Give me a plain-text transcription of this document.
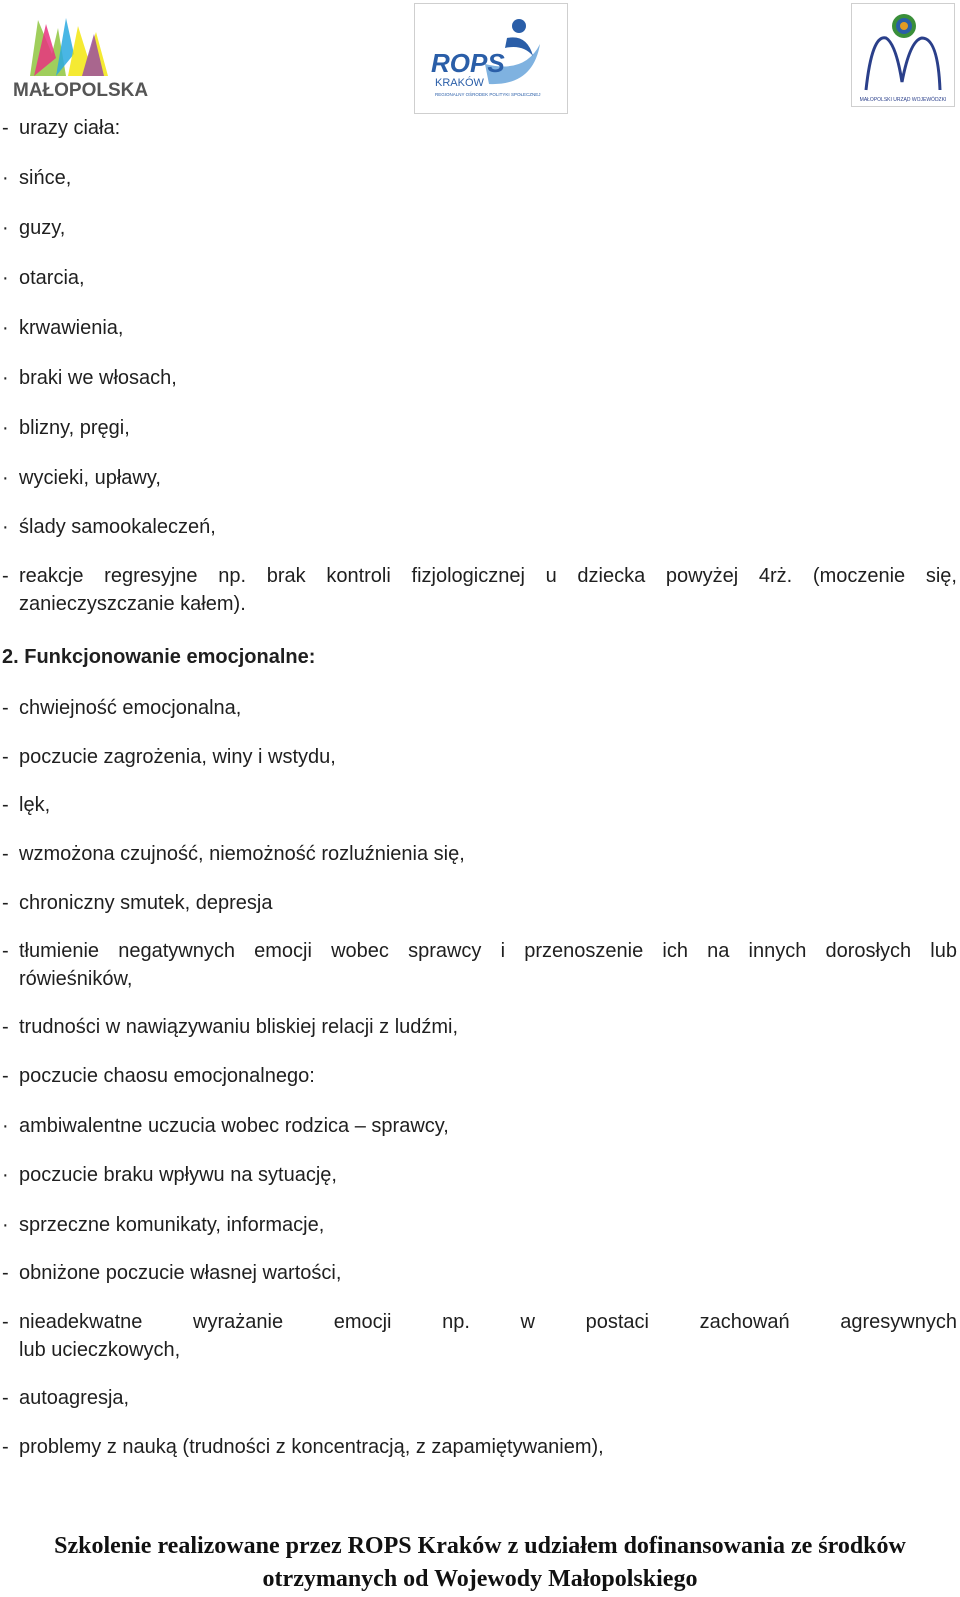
MAŁOPOLSKA
ROPS
KRAKÓW
REGIONALNY OŚRODEK POLITYKI SPOŁECZNEJ
MAŁOPOLSKI URZĄD WOJEWÓDZKI
- urazy ciała:
· sińce,
· guzy,
· otarcia,
· krwawienia,
· braki we włosach,
· blizny, pręgi,
· wycieki, upławy,
· ślady samookaleczeń,
- reakcje regresyjne np. brak kontroli fizjologicznej u dziecka powyżej 4rż. (moczenie się,
zanieczyszczanie kałem).
2. Funkcjonowanie emocjonalne:
- chwiejność emocjonalna,
- poczucie zagrożenia, winy i wstydu,
- lęk,
- wzmożona czujność, niemożność rozluźnienia się,
- chroniczny smutek, depresja
- tłumienie negatywnych emocji wobec sprawcy i przenoszenie ich na innych dorosłych lub
rówieśników,
- trudności w nawiązywaniu bliskiej relacji z ludźmi,
- poczucie chaosu emocjonalnego:
· ambiwalentne uczucia wobec rodzica – sprawcy,
· poczucie braku wpływu na sytuację,
· sprzeczne komunikaty, informacje,
- obniżone poczucie własnej wartości,
- nieadekwatne wyrażanie emocji np. w postaci zachowań agresywnych
lub ucieczkowych,
- autoagresja,
- problemy z nauką (trudności z koncentracją, z zapamiętywaniem),
Szkolenie realizowane przez ROPS Kraków z udziałem dofinansowania ze środków
otrzymanych od Wojewody Małopolskiego
